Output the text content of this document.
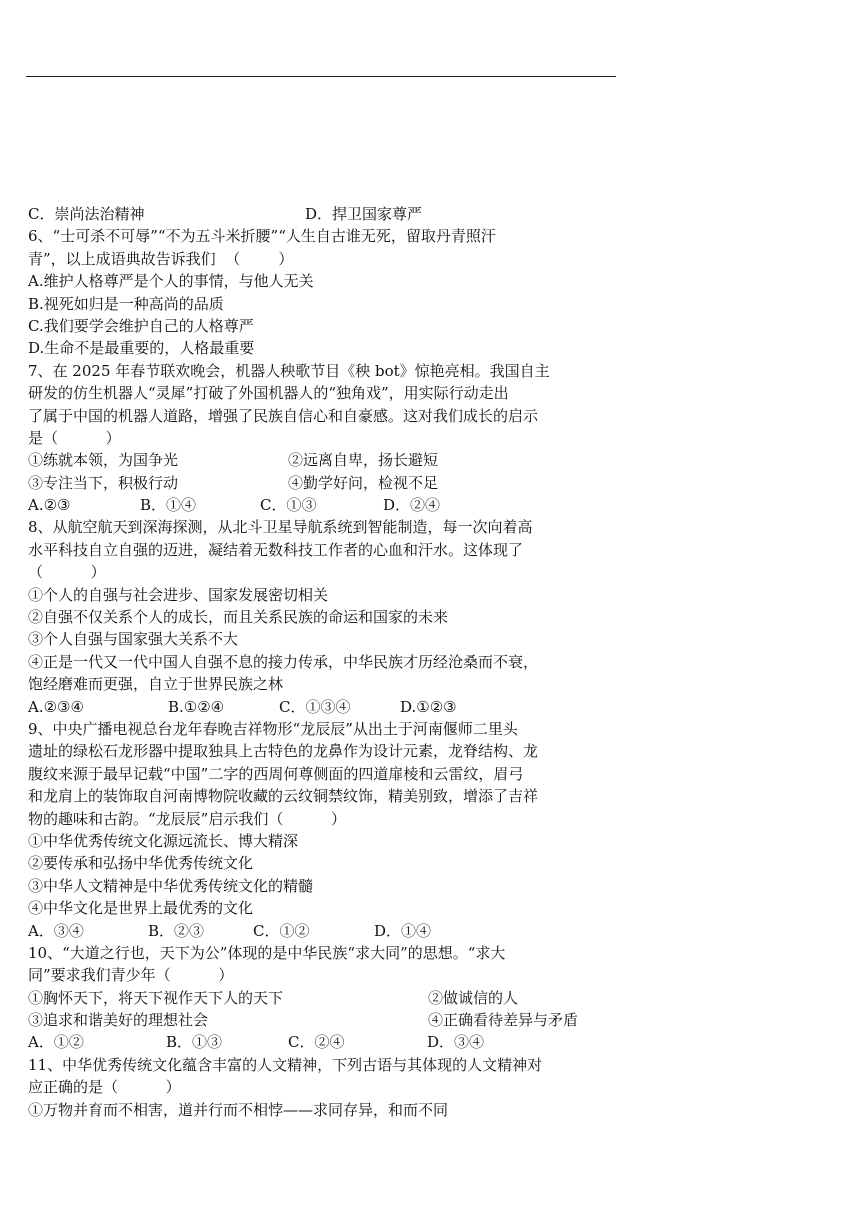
C．崇尚法治精神

	D．捍卫国家尊严

6、“士可杀不可辱”“不为五斗米折腰”“人生自古谁无死，留取丹青照汗
青”，以上成语典故告诉我们  （        ）
A.维护人格尊严是个人的事情，与他人无关
B.视死如归是一种高尚的品质
C.我们要学会维护自己的人格尊严
D.生命不是最重要的，人格最重要
7、在 2025 年春节联欢晚会，机器人秧歌节目《秧 bot》惊艳亮相。我国自主
研发的仿生机器人“灵犀”打破了外国机器人的“独角戏”，用实际行动走出
了属于中国的机器人道路，增强了民族自信心和自豪感。这对我们成长的启示
是（          ）

①练就本领，为国争光

	②远离自卑，扬长避短

③专注当下，积极行动

	④勤学好问，检视不足

A.②③

	B．①④

	C．①③

	D．②④

8、从航空航天到深海探测，从北斗卫星导航系统到智能制造，每一次向着高
水平科技自立自强的迈进，凝结着无数科技工作者的心血和汗水。这体现了
（          ）
①个人的自强与社会进步、国家发展密切相关
②自强不仅关系个人的成长，而且关系民族的命运和国家的未来
③个人自强与国家强大关系不大
④正是一代又一代中国人自强不息的接力传承，中华民族才历经沧桑而不衰，
饱经磨难而更强，自立于世界民族之林

A.②③④

	B.①②④

	C．①③④

	D.①②③

9、中央广播电视总台龙年春晚吉祥物形“龙辰辰”从出土于河南偃师二里头
遗址的绿松石龙形器中提取独具上古特色的龙鼻作为设计元素，龙脊结构、龙
腹纹来源于最早记载“中国”二字的西周何尊侧面的四道扉棱和云雷纹，眉弓
和龙肩上的装饰取自河南博物院收藏的云纹铜禁纹饰，精美别致，增添了吉祥
物的趣味和古韵。“龙辰辰”启示我们（          ）
①中华优秀传统文化源远流长、博大精深
②要传承和弘扬中华优秀传统文化
③中华人文精神是中华优秀传统文化的精髓
④中华文化是世界上最优秀的文化

A．③④

	B．②③

	C．①②

	D．①④

10、“大道之行也，天下为公”体现的是中华民族“求大同”的思想。“求大
同”要求我们青少年（          ）

①胸怀天下，将天下视作天下人的天下

	②做诚信的人

③追求和谐美好的理想社会

	④正确看待差异与矛盾

A．①②

	B．①③

	C．②④

	D．③④

11、中华优秀传统文化蕴含丰富的人文精神，下列古语与其体现的人文精神对
应正确的是（          ）
①万物并育而不相害，道并行而不相悖——求同存异，和而不同
